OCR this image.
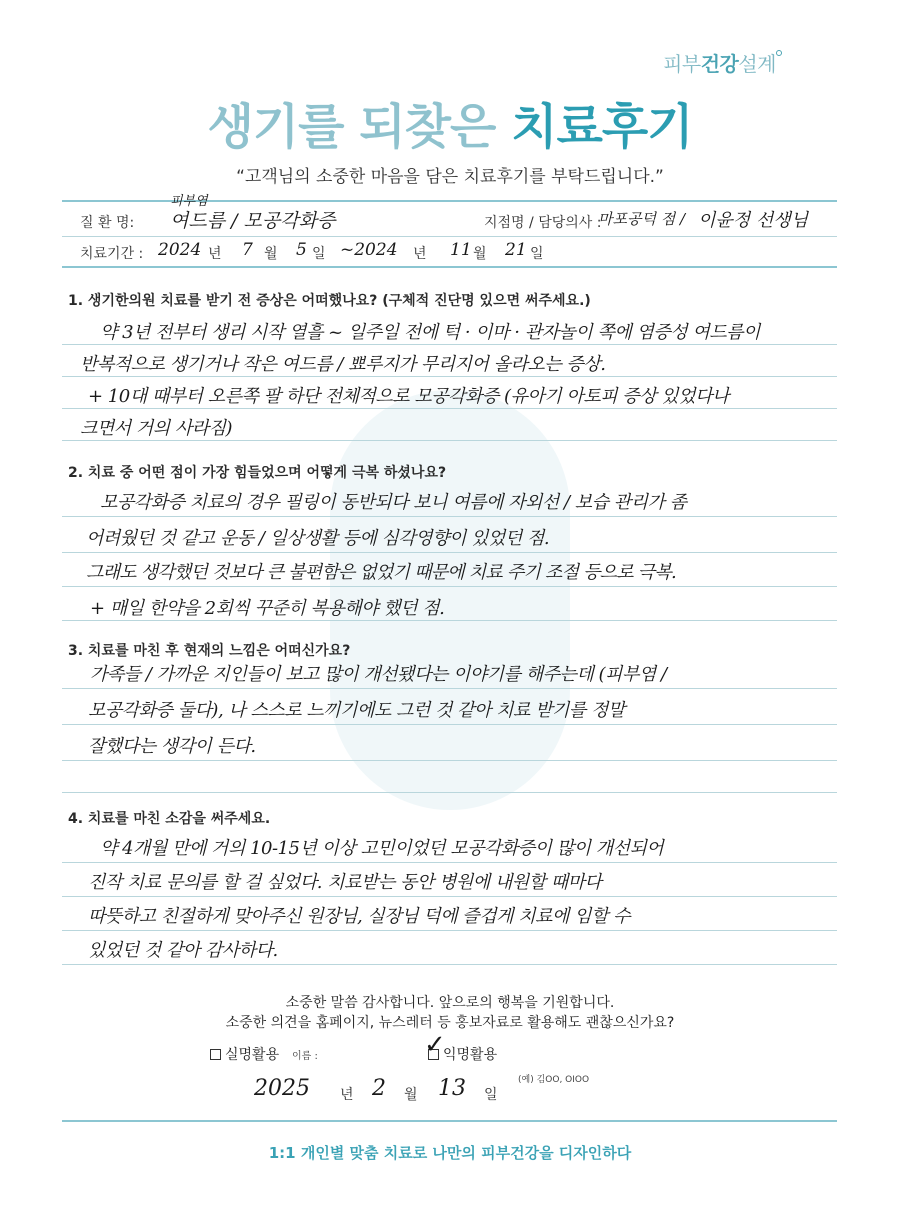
피부건강설계
생기를 되찾은 치료후기
“고객님의 소중한 마음을 담은 치료후기를 부탁드립니다.”
질 환 명:
피부염
여드름 / 모공각화증	지점명 / 담당의사 :
마포공덕 점 / 이윤정 선생님
치료기간 : 2024 년 7 월 5 일 ~2024 년 11 월 21 일
1. 생기한의원 치료를 받기 전 증상은 어떠했나요? (구체적 진단명 있으면 써주세요.)
약 3년 전부터 생리 시작 열흘 ~ 일주일 전에 턱 · 이마 · 관자놀이 쪽에 염증성 여드름이
반복적으로 생기거나 작은 여드름 / 뾰루지가 무리지어 올라오는 증상.
+ 10대 때부터 오른쪽 팔 하단 전체적으로 모공각화증 (유아기 아토피 증상 있었다나
크면서 거의 사라짐)
2. 치료 중 어떤 점이 가장 힘들었으며 어떻게 극복 하셨나요?
모공각화증 치료의 경우 필링이 동반되다 보니 여름에 자외선 / 보습 관리가 좀
어려웠던 것 같고 운동 / 일상생활 등에 심각영향이 있었던 점.
그래도 생각했던 것보다 큰 불편함은 없었기 때문에 치료 주기 조절 등으로 극복.
+ 매일 한약을 2회씩 꾸준히 복용해야 했던 점.
3. 치료를 마친 후 현재의 느낌은 어떠신가요?
가족들 / 가까운 지인들이 보고 많이 개선됐다는 이야기를 해주는데 (피부염 /
모공각화증 둘다), 나 스스로 느끼기에도 그런 것 같아 치료 받기를 정말
잘했다는 생각이 든다.
4. 치료를 마친 소감을 써주세요.
약 4개월 만에 거의 10-15년 이상 고민이었던 모공각화증이 많이 개선되어
진작 치료 문의를 할 걸 싶었다. 치료받는 동안 병원에 내원할 때마다
따뜻하고 친절하게 맞아주신 원장님, 실장님 덕에 즐겁게 치료에 임할 수
있었던 것 같아 감사하다.
소중한 말씀 감사합니다. 앞으로의 행복을 기원합니다.
소중한 의견을 홈페이지, 뉴스레터 등 홍보자료로 활용해도 괜찮으신가요?
실명활용 이름 :	익명활용
✓
(예) 김OO, OIOO
2025 년 2 월 13 일
1:1 개인별 맞춤 치료로 나만의 피부건강을 디자인하다
